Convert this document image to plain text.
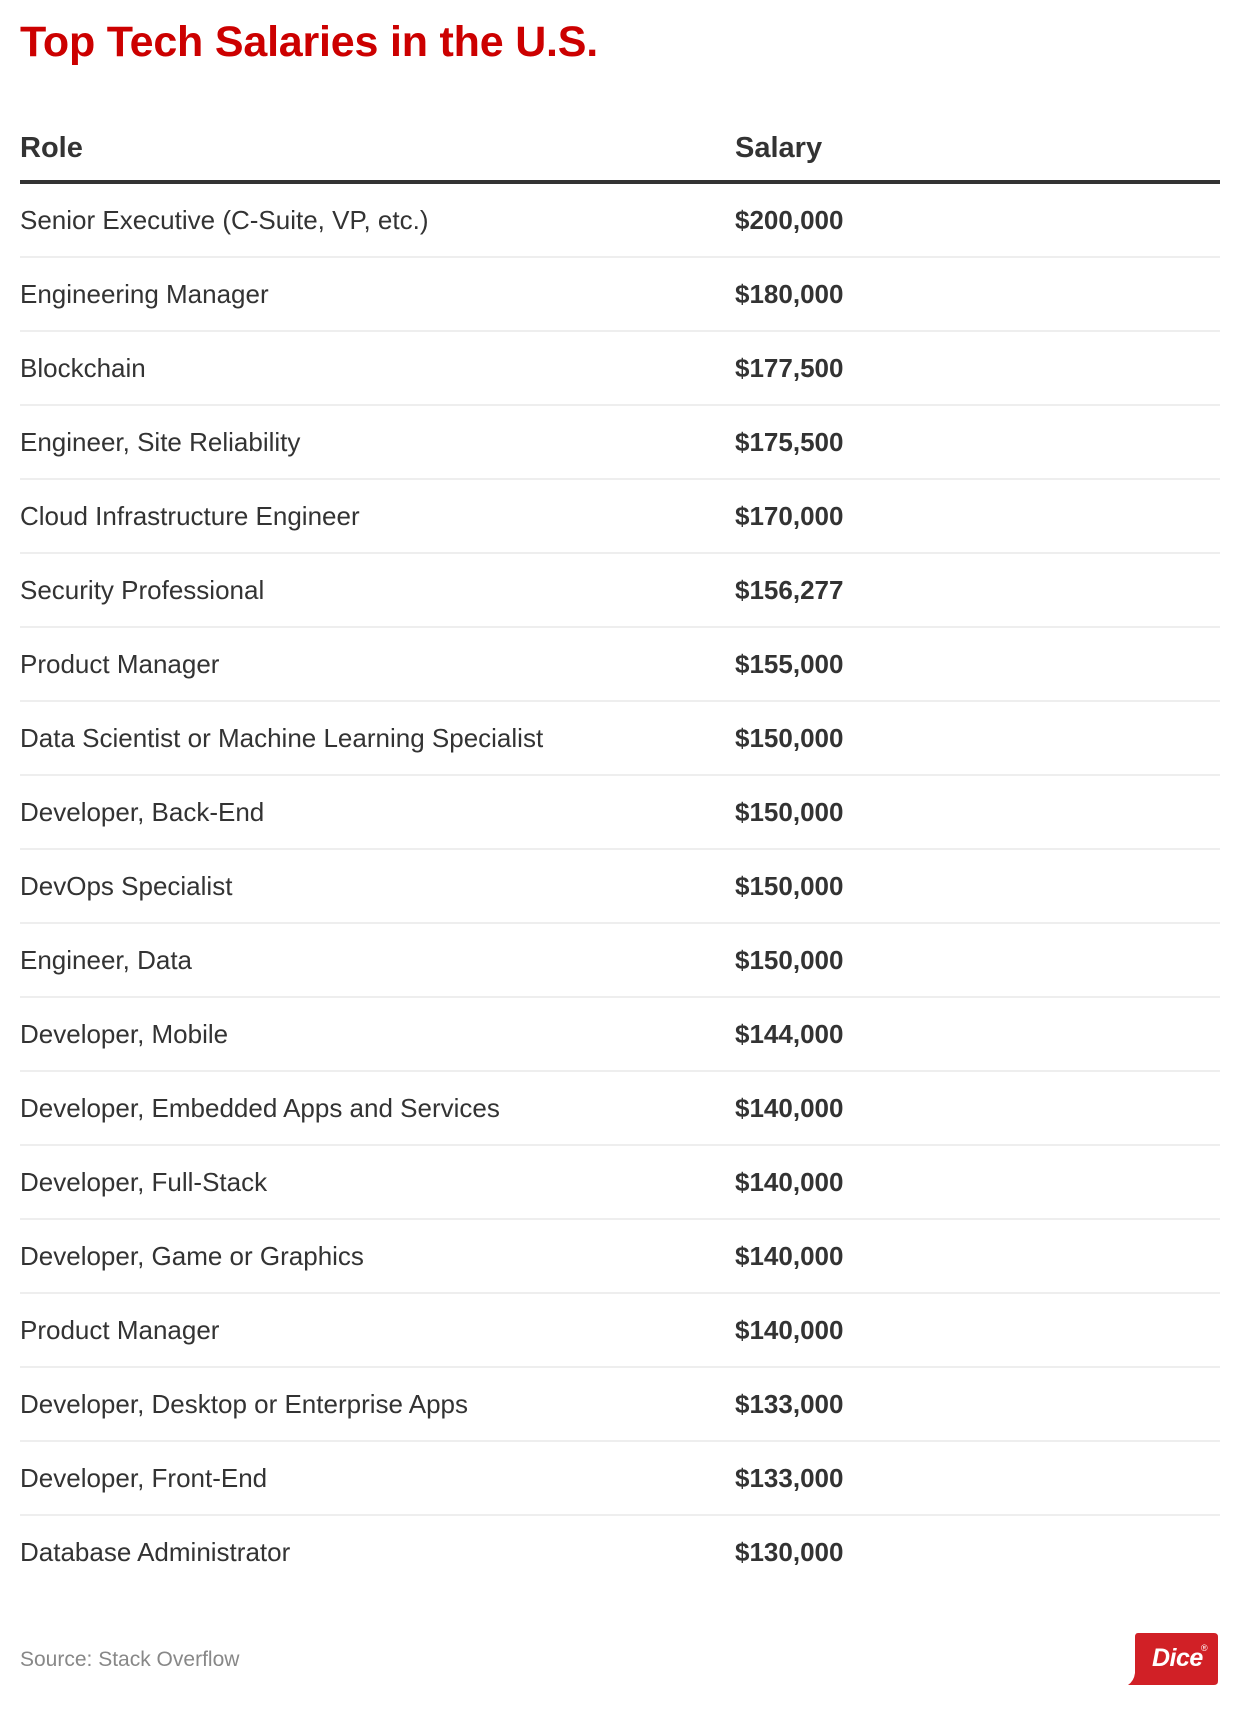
Top Tech Salaries in the U.S.
Role	Salary
Senior Executive (C-Suite, VP, etc.)	$200,000
Engineering Manager	$180,000
Blockchain	$177,500
Engineer, Site Reliability	$175,500
Cloud Infrastructure Engineer	$170,000
Security Professional	$156,277
Product Manager	$155,000
Data Scientist or Machine Learning Specialist	$150,000
Developer, Back-End	$150,000
DevOps Specialist	$150,000
Engineer, Data	$150,000
Developer, Mobile	$144,000
Developer, Embedded Apps and Services	$140,000
Developer, Full-Stack	$140,000
Developer, Game or Graphics	$140,000
Product Manager	$140,000
Developer, Desktop or Enterprise Apps	$133,000
Developer, Front-End	$133,000
Database Administrator	$130,000
Source: Stack Overflow	Dice
®
